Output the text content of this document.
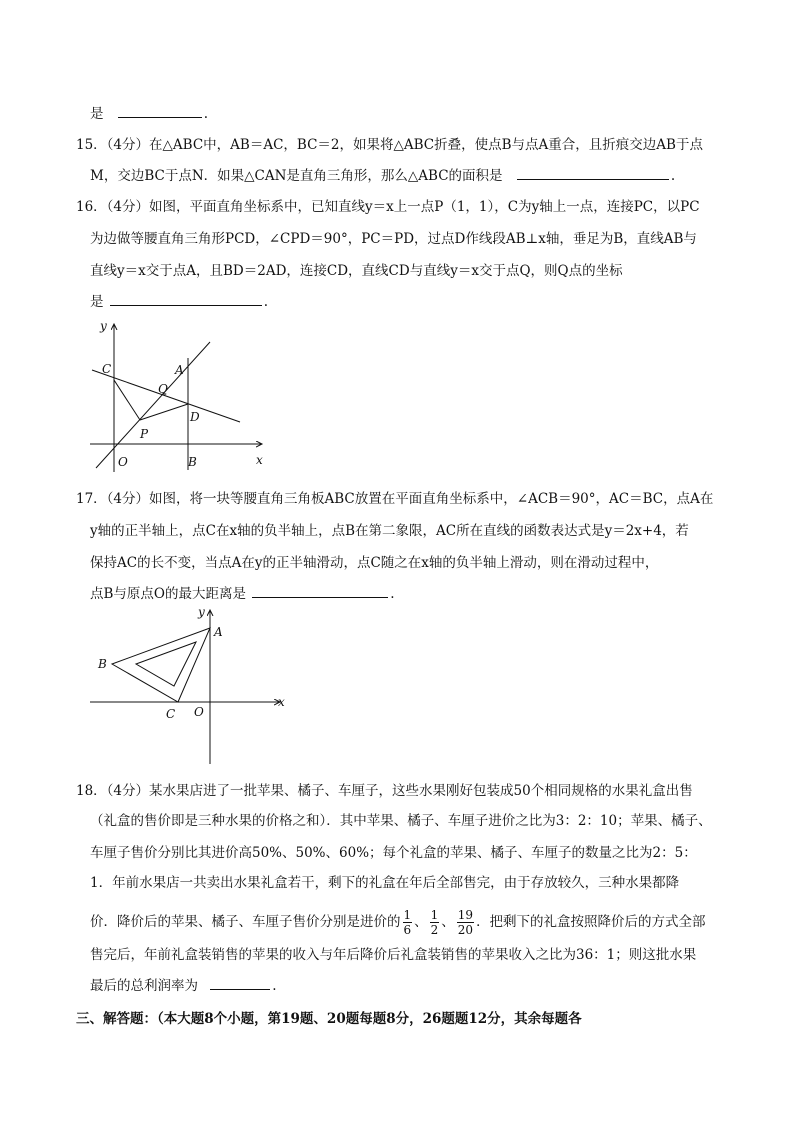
是	.
15．（4分）在△ABC中，AB＝AC，BC＝2，如果将△ABC折叠，使点B与点A重合，且折痕交边AB于点
M，交边BC于点N．如果△CAN是直角三角形，那么△ABC的面积是	.
16．（4分）如图，平面直角坐标系中，已知直线y＝x上一点P（1，1），C为y轴上一点，连接PC，以PC
为边做等腰直角三角形PCD，∠CPD＝90°，PC＝PD，过点D作线段AB⊥x轴，垂足为B，直线AB与
直线y＝x交于点A，且BD＝2AD，连接CD，直线CD与直线y＝x交于点Q，则Q点的坐标
是	.
y
x
C	A
Q
D
P
O	B
17．（4分）如图，将一块等腰直角三角板ABC放置在平面直角坐标系中，∠ACB＝90°，AC＝BC，点A在
y轴的正半轴上，点C在x轴的负半轴上，点B在第二象限，AC所在直线的函数表达式是y＝2x+4，若
保持AC的长不变，当点A在y的正半轴滑动，点C随之在x轴的负半轴上滑动，则在滑动过程中，
点B与原点O的最大距离是	.
y
x
A
B
C O
18．（4分）某水果店进了一批苹果、橘子、车厘子，这些水果刚好包装成50个相同规格的水果礼盒出售
（礼盒的售价即是三种水果的价格之和）．其中苹果、橘子、车厘子进价之比为3：2：10；苹果、橘子、
车厘子售价分别比其进价高50%、50%、60%；每个礼盒的苹果、橘子、车厘子的数量之比为2：5：
1．年前水果店一共卖出水果礼盒若干，剩下的礼盒在年后全部售完，由于存放较久，三种水果都降
价．降价后的苹果、橘子、车厘子售价分别是进价的 $\frac{1}{6}$ 、 $\frac{1}{2}$ 、 $\frac{19}{20}$ ．把剩下的礼盒按照降价后的方式全部
售完后，年前礼盒装销售的苹果的收入与年后降价后礼盒装销售的苹果收入之比为36：1；则这批水果
最后的总利润率为	.
三、解答题：（本大题8个小题，第19题、20题每题8分，26题题12分，其余每题各
